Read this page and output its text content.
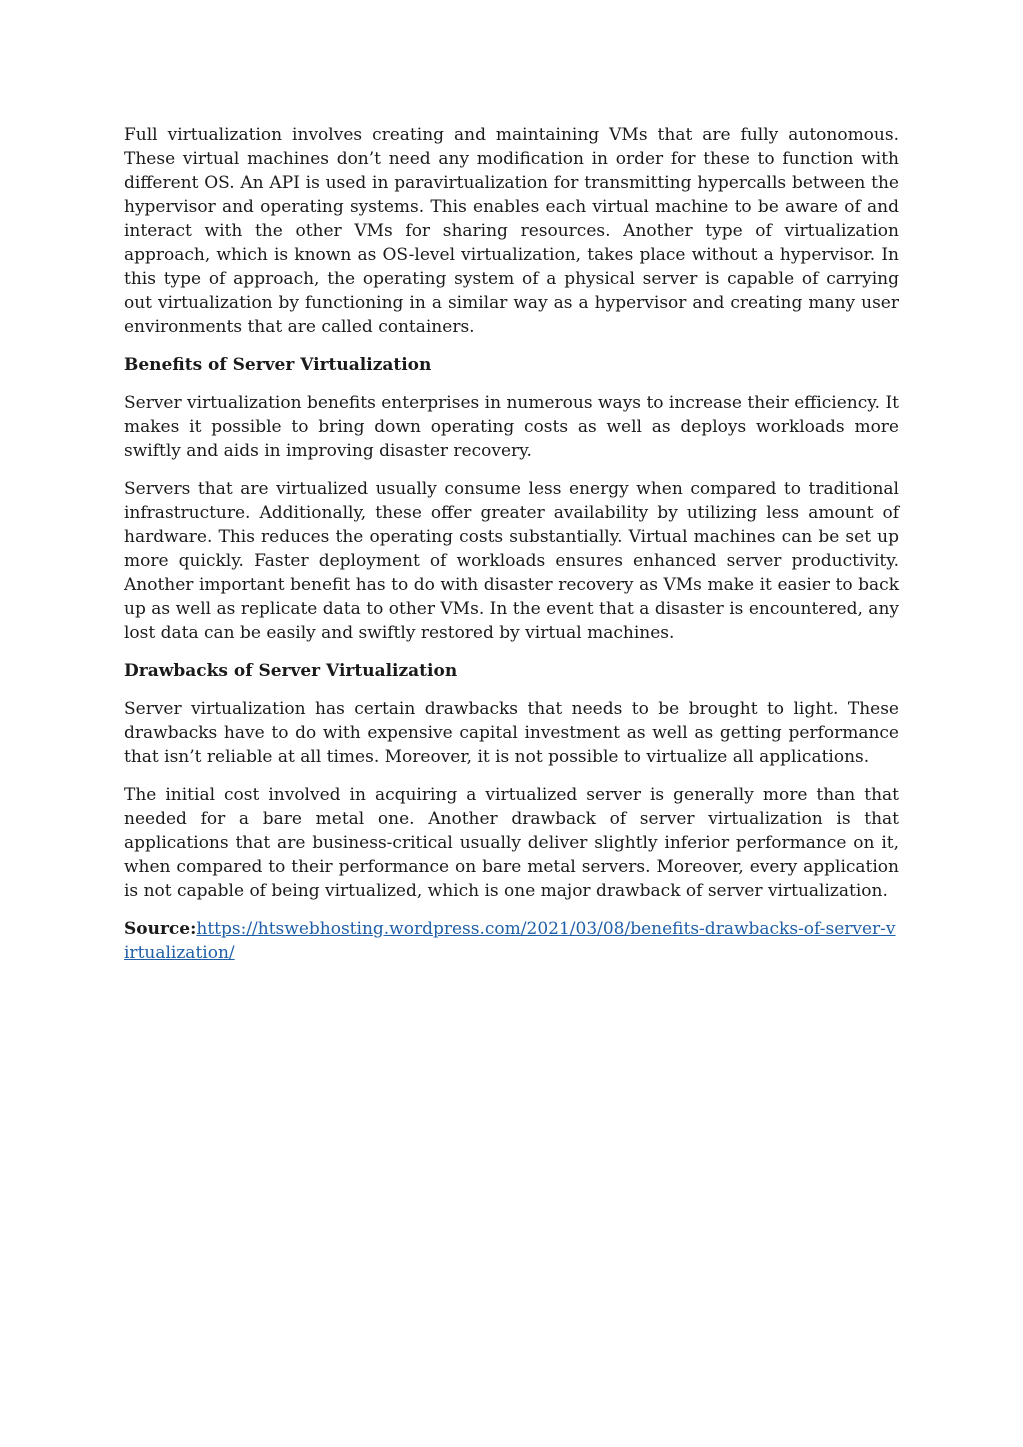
Full virtualization involves creating and maintaining VMs that are fully autonomous. These virtual machines don’t need any modification in order for these to function with different OS. An API is used in paravirtualization for transmitting hypercalls between the hypervisor and operating systems. This enables each virtual machine to be aware of and interact with the other VMs for sharing resources. Another type of virtualization approach, which is known as OS-level virtualization, takes place without a hypervisor. In this type of approach, the operating system of a physical server is capable of carrying out virtualization by functioning in a similar way as a hypervisor and creating many user environments that are called containers.

Benefits of Server Virtualization

Server virtualization benefits enterprises in numerous ways to increase their efficiency. It makes it possible to bring down operating costs as well as deploys workloads more swiftly and aids in improving disaster recovery.

Servers that are virtualized usually consume less energy when compared to traditional infrastructure. Additionally, these offer greater availability by utilizing less amount of hardware. This reduces the operating costs substantially. Virtual machines can be set up more quickly. Faster deployment of workloads ensures enhanced server productivity. Another important benefit has to do with disaster recovery as VMs make it easier to back up as well as replicate data to other VMs. In the event that a disaster is encountered, any lost data can be easily and swiftly restored by virtual machines.

Drawbacks of Server Virtualization

Server virtualization has certain drawbacks that needs to be brought to light. These drawbacks have to do with expensive capital investment as well as getting performance that isn’t reliable at all times. Moreover, it is not possible to virtualize all applications.

The initial cost involved in acquiring a virtualized server is generally more than that needed for a bare metal one. Another drawback of server virtualization is that applications that are business-critical usually deliver slightly inferior performance on it, when compared to their performance on bare metal servers. Moreover, every application is not capable of being virtualized, which is one major drawback of server virtualization.

Source:https://htswebhosting.wordpress.com/2021/03/08/benefits-drawbacks-of-server-virtualization/
